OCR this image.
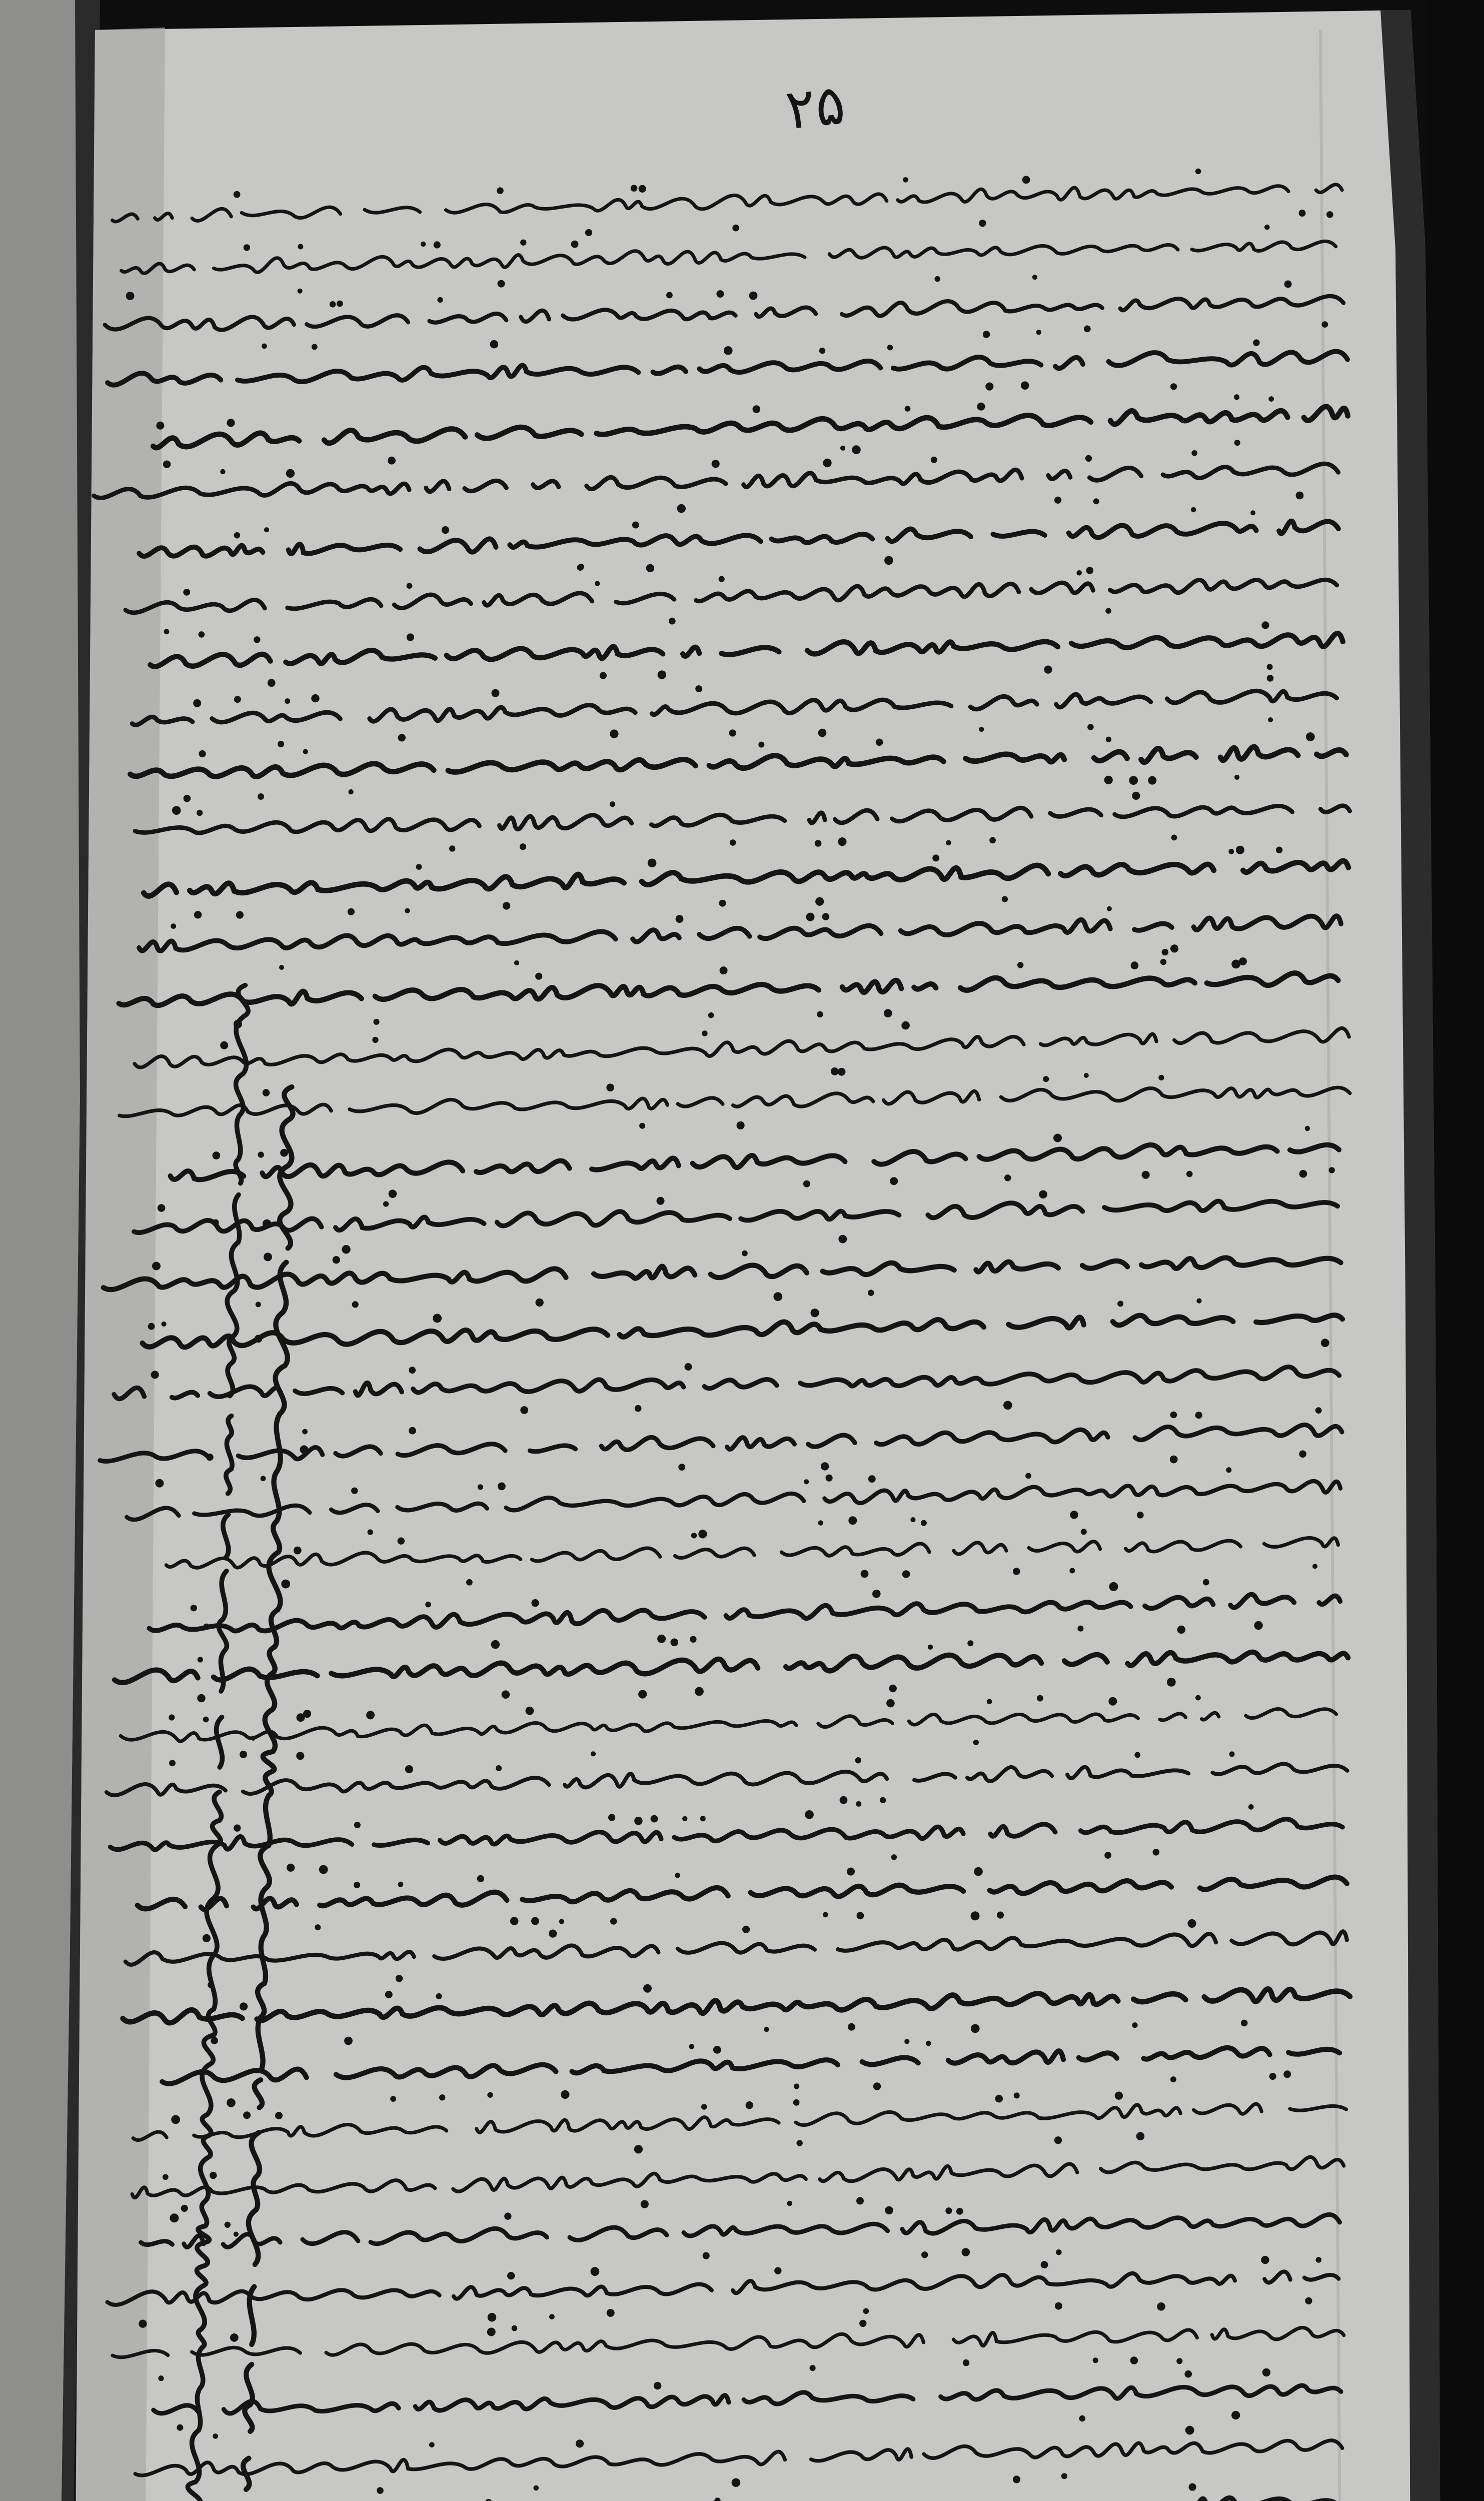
۲۵
